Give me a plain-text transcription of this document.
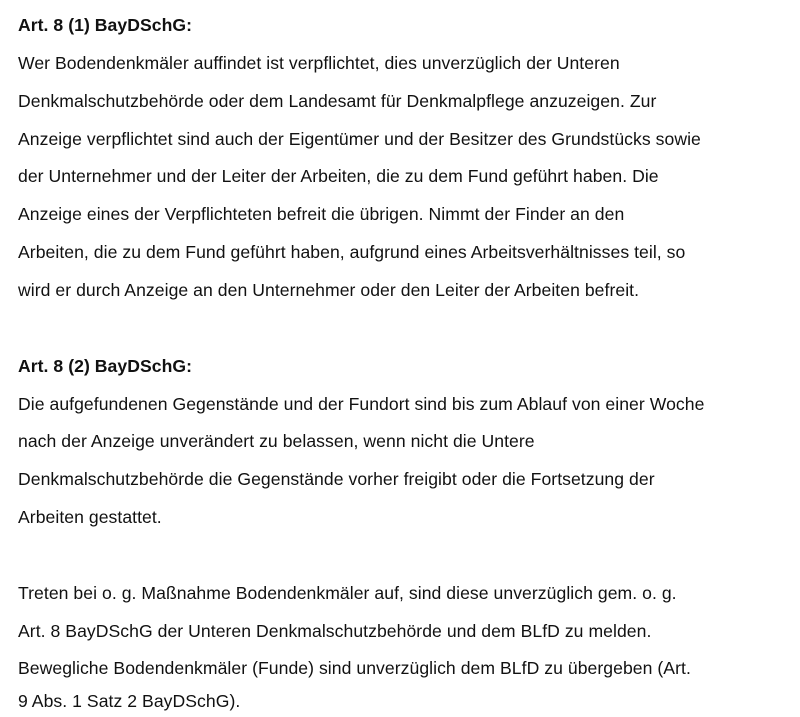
Art. 8 (1) BayDSchG:
Wer Bodendenkmäler auffindet ist verpflichtet, dies unverzüglich der Unteren
Denkmalschutzbehörde oder dem Landesamt für Denkmalpflege anzuzeigen. Zur
Anzeige verpflichtet sind auch der Eigentümer und der Besitzer des Grundstücks sowie
der Unternehmer und der Leiter der Arbeiten, die zu dem Fund geführt haben. Die
Anzeige eines der Verpflichteten befreit die übrigen. Nimmt der Finder an den
Arbeiten, die zu dem Fund geführt haben, aufgrund eines Arbeitsverhältnisses teil, so
wird er durch Anzeige an den Unternehmer oder den Leiter der Arbeiten befreit.
Art. 8 (2) BayDSchG:
Die aufgefundenen Gegenstände und der Fundort sind bis zum Ablauf von einer Woche
nach der Anzeige unverändert zu belassen, wenn nicht die Untere
Denkmalschutzbehörde die Gegenstände vorher freigibt oder die Fortsetzung der
Arbeiten gestattet.
Treten bei o. g. Maßnahme Bodendenkmäler auf, sind diese unverzüglich gem. o. g.
Art. 8 BayDSchG der Unteren Denkmalschutzbehörde und dem BLfD zu melden.
Bewegliche Bodendenkmäler (Funde) sind unverzüglich dem BLfD zu übergeben (Art.
9 Abs. 1 Satz 2 BayDSchG).
